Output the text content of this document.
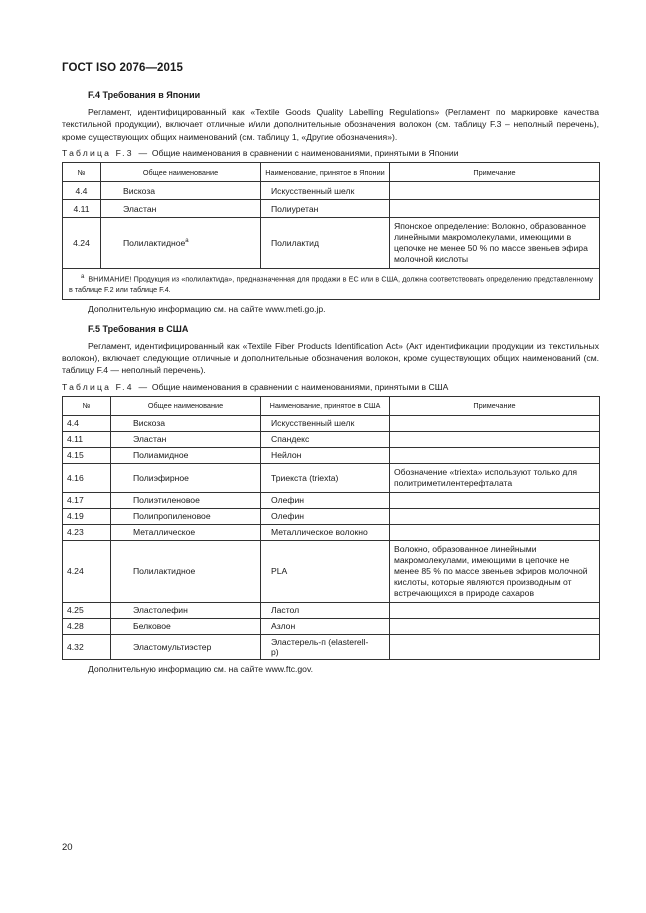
ГОСТ ISO 2076—2015
F.4 Требования в Японии

Регламент, идентифицированный как «Textile Goods Quality Labelling Regulations» (Регламент по маркировке качества текстильной продукции), включает отличные и/или дополнительные обозначения волокон (см. таблицу F.3 – неполный перечень), кроме существующих общих наименований (см. таблицу 1, «Другие обозначения»).

Таблица F.3 — Общие наименования в сравнении с наименованиями, принятыми в Японии
№	Общее наименование	Наименование, принятое в Японии	Примечание
4.4	Вискоза	Искусственный шелк	
4.11	Эластан	Полиуретан	
4.24	Полилактидное$^а$	Полилактид	Японское определение: Волокно, образованное линейными макромолекулами, имеющими в цепочке не менее 50 % по массе звеньев эфира молочной кислоты
$^а$ ВНИМАНИЕ! Продукция из «полилактида», предназначенная для продажи в ЕС или в США, должна соответствовать определению представленному в таблице F.2 или таблице F.4.			
Дополнительную информацию см. на сайте www.meti.go.jp.
F.5 Требования в США

Регламент, идентифицированный как «Textile Fiber Products Identification Act» (Акт идентификации продукции из текстильных волокон), включает следующие отличные и дополнительные обозначения волокон, кроме существующих общих наименований (см. таблицу F.4 — неполный перечень).

Таблица F.4 — Общие наименования в сравнении с наименованиями, принятыми в США
№	Общее наименование	Наименование, принятое в США	Примечание
4.4	Вискоза	Искусственный шелк	
4.11	Эластан	Спандекс	
4.15	Полиамидное	Нейлон	
4.16	Полиэфирное	Триекста (triexta)	Обозначение «triexta» используют только для политриметилентерефталата
4.17	Полиэтиленовое	Олефин	
4.19	Полипропиленовое	Олефин	
4.23	Металлическое	Металлическое волокно	
4.24	Полилактидное	PLA	Волокно, образованное линейными макромолекулами, имеющими в цепочке не менее 85 % по массе звеньев эфиров молочной кислоты, которые являются производным от встречающихся в природе сахаров
4.25	Эластолефин	Ластол	
4.28	Белковое	Азлон	
4.32	Эластомультиэстер	Эластерель-п (elasterell-p)	

Дополнительную информацию см. на сайте www.ftc.gov.
20
